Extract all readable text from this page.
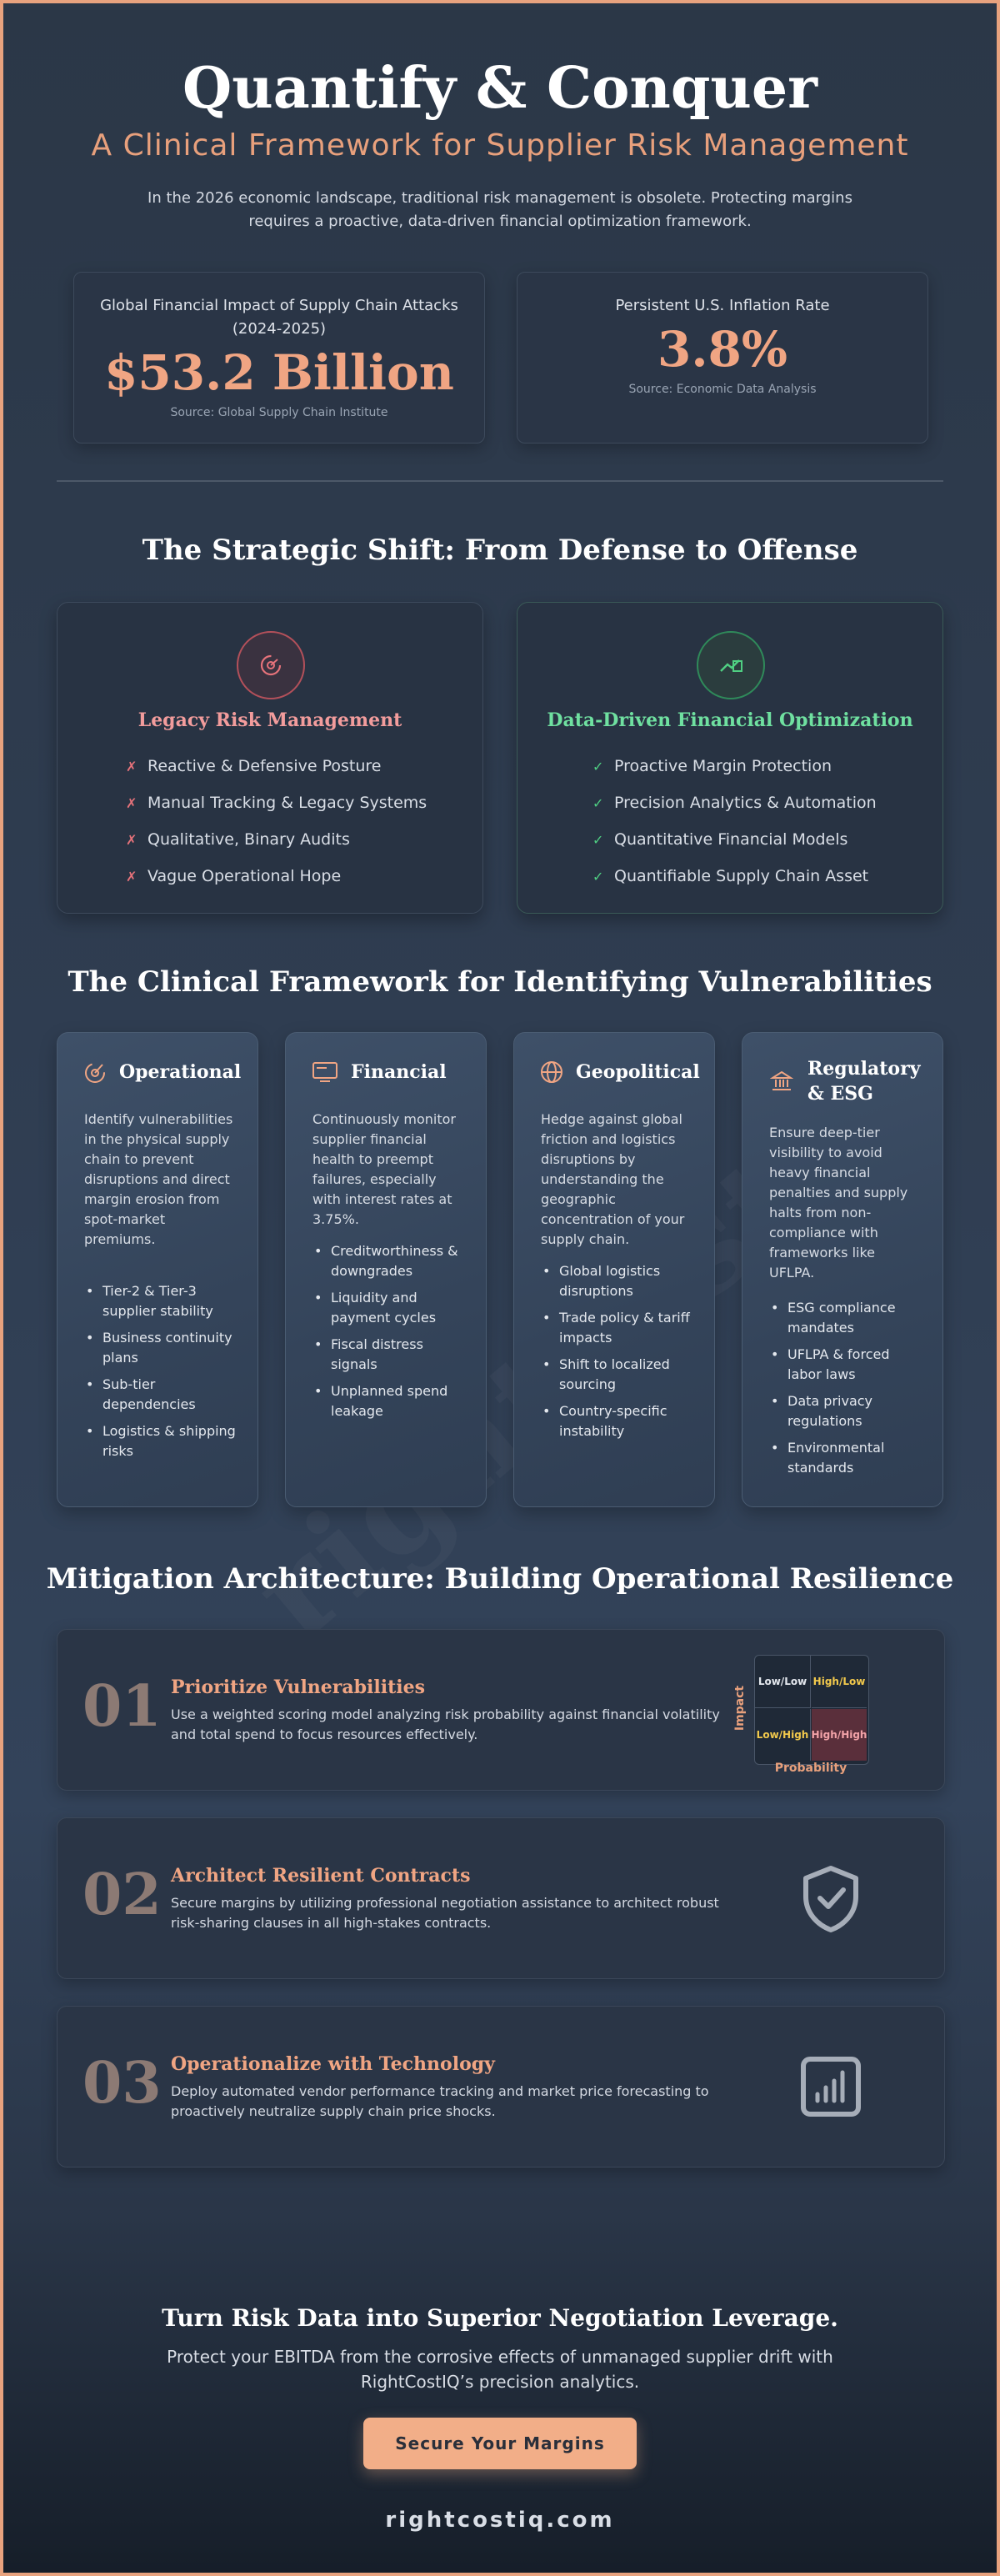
Quantify & Conquer
A Clinical Framework for Supplier Risk Management
In the 2026 economic landscape, traditional risk management is obsolete. Protecting margins requires a proactive, data-driven financial optimization framework.
Global Financial Impact of Supply Chain Attacks (2024-2025)
$53.2 Billion
Source: Global Supply Chain Institute
Persistent U.S. Inflation Rate
3.8%
Source: Economic Data Analysis
The Strategic Shift: From Defense to Offense
Legacy Risk Management
✗ Reactive & Defensive Posture
✗ Manual Tracking & Legacy Systems
✗ Qualitative, Binary Audits
✗ Vague Operational Hope
Data-Driven Financial Optimization
✓ Proactive Margin Protection
✓ Precision Analytics & Automation
✓ Quantitative Financial Models
✓ Quantifiable Supply Chain Asset
The Clinical Framework for Identifying Vulnerabilities
Operational
Identify vulnerabilities in the physical supply chain to prevent disruptions and direct margin erosion from spot-market premiums.
• Tier-2 & Tier-3 supplier stability
• Business continuity plans
• Sub-tier dependencies
• Logistics & shipping risks
Financial
Continuously monitor supplier financial health to preempt failures, especially with interest rates at 3.75%.
• Creditworthiness & downgrades
• Liquidity and payment cycles
• Fiscal distress signals
• Unplanned spend leakage
Geopolitical
Hedge against global friction and logistics disruptions by understanding the geographic concentration of your supply chain.
• Global logistics disruptions
• Trade policy & tariff impacts
• Shift to localized sourcing
• Country-specific instability
Regulatory & ESG
Ensure deep-tier visibility to avoid heavy financial penalties and supply halts from non-compliance with frameworks like UFLPA.
• ESG compliance mandates
• UFLPA & forced labor laws
• Data privacy regulations
• Environmental standards
Mitigation Architecture: Building Operational Resilience
01 Prioritize Vulnerabilities
Use a weighted scoring model analyzing risk probability against financial volatility and total spend to focus resources effectively.
Impact
Low/Low High/Low
Low/High High/High
Probability
02 Architect Resilient Contracts
Secure margins by utilizing professional negotiation assistance to architect robust risk-sharing clauses in all high-stakes contracts.
03 Operationalize with Technology
Deploy automated vendor performance tracking and market price forecasting to proactively neutralize supply chain price shocks.
Turn Risk Data into Superior Negotiation Leverage.
Protect your EBITDA from the corrosive effects of unmanaged supplier drift with RightCostIQ’s precision analytics.
Secure Your Margins
rightcostiq.com
